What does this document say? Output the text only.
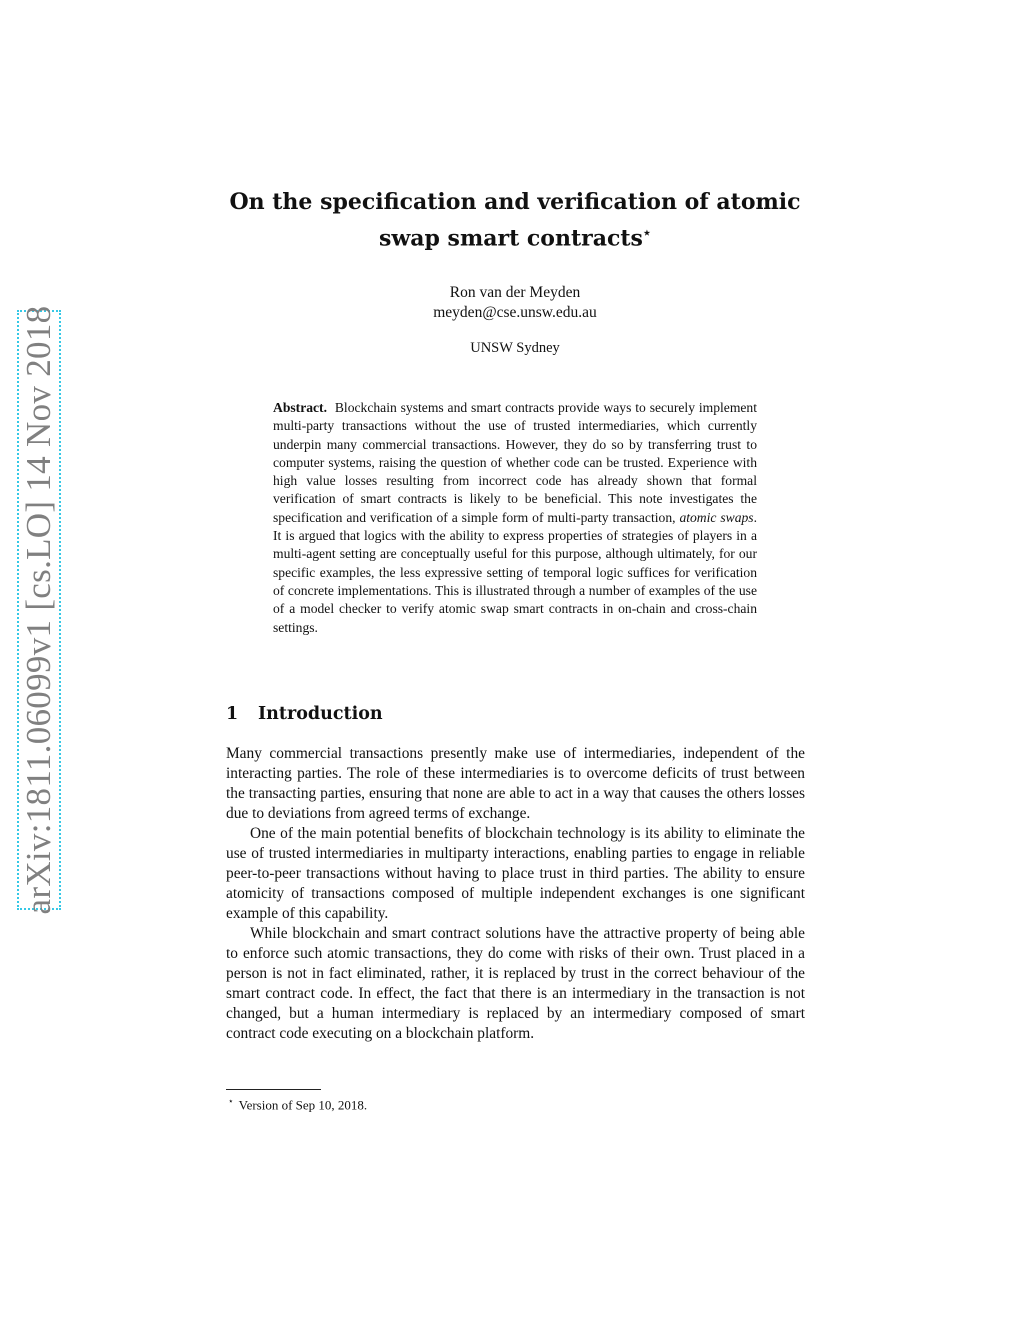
arXiv:1811.06099v1 [cs.LO] 14 Nov 2018
On the specification and verification of atomic swap smart contracts⋆
Ron van der Meyden
meyden@cse.unsw.edu.au
UNSW Sydney
Abstract. Blockchain systems and smart contracts provide ways to securely implement multi-party transactions without the use of trusted intermediaries, which currently underpin many commercial transactions. However, they do so by transferring trust to computer systems, raising the question of whether code can be trusted. Experience with high value losses resulting from incorrect code has already shown that formal verification of smart contracts is likely to be beneficial. This note investigates the specification and verification of a simple form of multi-party transaction, atomic swaps. It is argued that logics with the ability to express properties of strategies of players in a multi-agent setting are conceptually useful for this purpose, although ultimately, for our specific examples, the less expressive setting of temporal logic suffices for verification of concrete implementations. This is illustrated through a number of examples of the use of a model checker to verify atomic swap smart contracts in on-chain and cross-chain settings.
1 Introduction

Many commercial transactions presently make use of intermediaries, independent of the interacting parties. The role of these intermediaries is to overcome deficits of trust between the transacting parties, ensuring that none are able to act in a way that causes the others losses due to deviations from agreed terms of exchange.

One of the main potential benefits of blockchain technology is its ability to eliminate the use of trusted intermediaries in multiparty interactions, enabling parties to engage in reliable peer-to-peer transactions without having to place trust in third parties. The ability to ensure atomicity of transactions composed of multiple independent exchanges is one significant example of this capability.

While blockchain and smart contract solutions have the attractive property of being able to enforce such atomic transactions, they do come with risks of their own. Trust placed in a person is not in fact eliminated, rather, it is replaced by trust in the correct behaviour of the smart contract code. In effect, the fact that there is an intermediary in the transaction is not changed, but a human intermediary is replaced by an intermediary composed of smart contract code executing on a blockchain platform.

⋆ Version of Sep 10, 2018.
